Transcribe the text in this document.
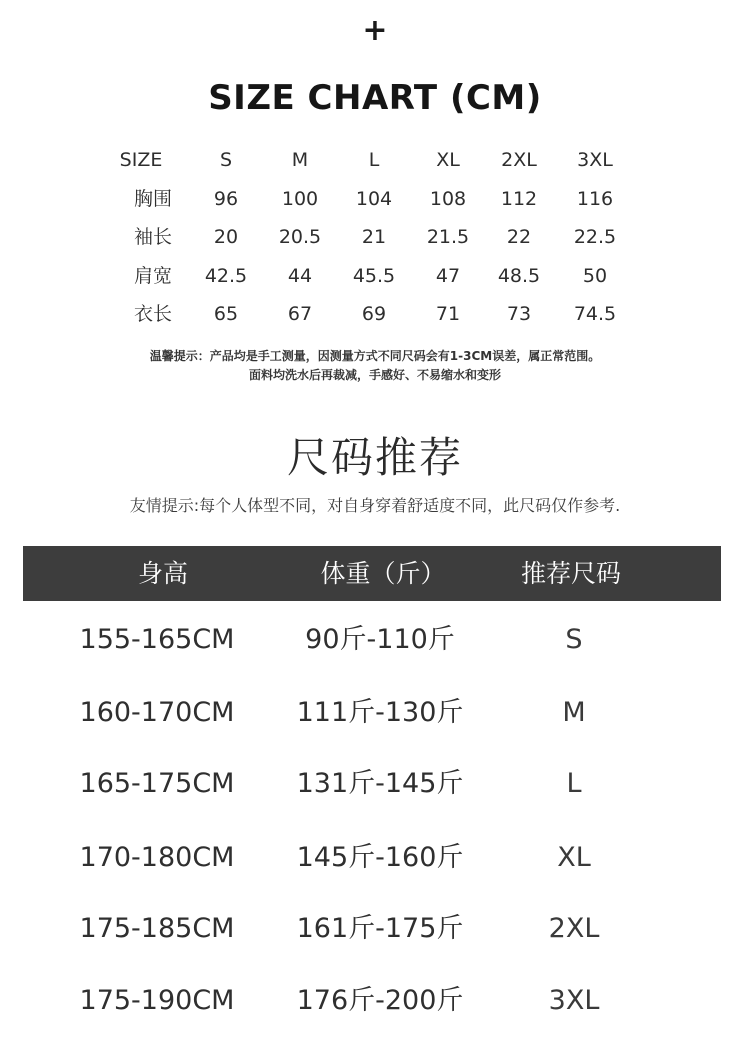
+
SIZE CHART (CM)
SIZE	S	M	L	XL	2XL	3XL
胸围	96	100	104	108	112	116
袖长	20	20.5	21	21.5	22	22.5
肩宽	42.5	44	45.5	47	48.5	50
衣长	65	67	69	71	73	74.5
温馨提示：产品均是手工测量，因测量方式不同尺码会有1-3CM误差，属正常范围。
面料均洗水后再裁减，手感好、不易缩水和变形
尺码推荐
友情提示:每个人体型不同，对自身穿着舒适度不同，此尺码仅作参考.
身高	体重（斤）	推荐尺码
155-165CM	90斤-110斤	S
160-170CM	111斤-130斤	M
165-175CM	131斤-145斤	L
170-180CM	145斤-160斤	XL
175-185CM	161斤-175斤	2XL
175-190CM	176斤-200斤	3XL
